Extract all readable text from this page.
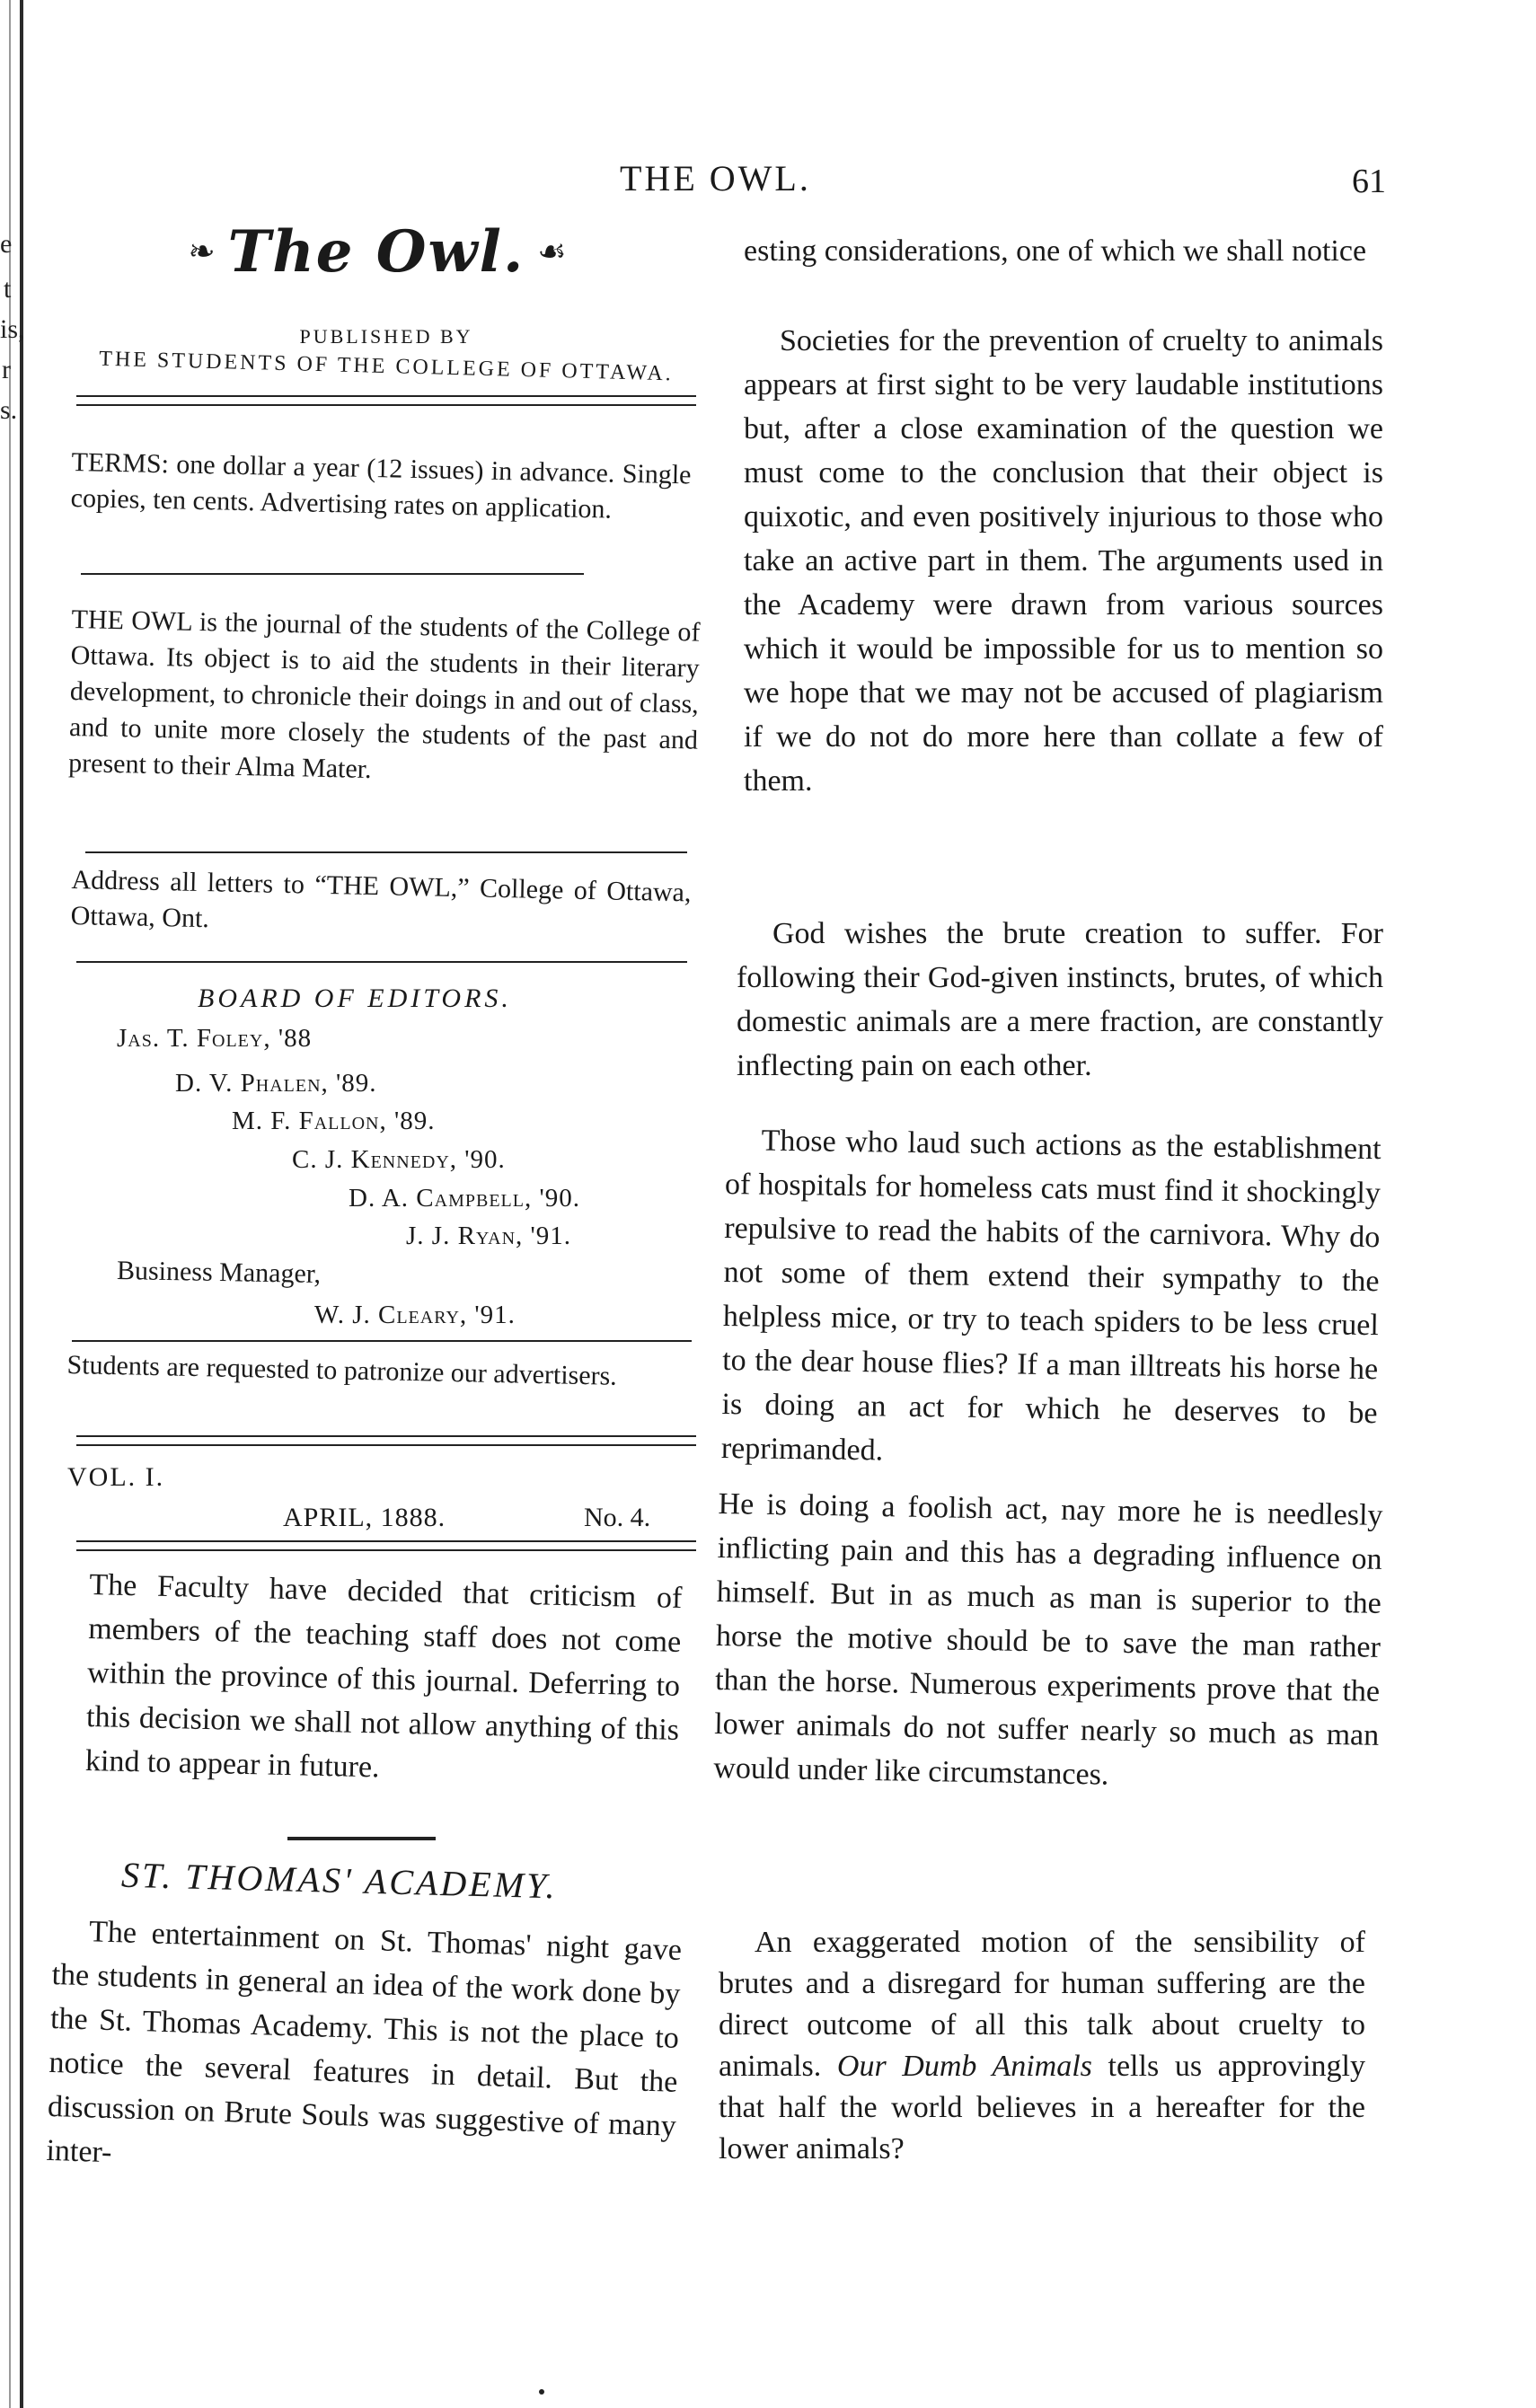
e
t
is,
r
s.
THE OWL.	61
❧ The Owl. ☙
PUBLISHED BY
THE STUDENTS OF THE COLLEGE OF OTTAWA.
TERMS: one dollar a year (12 issues) in advance. Single copies, ten cents. Advertising rates on application.
THE OWL is the journal of the students of the College of Ottawa. Its object is to aid the students in their literary development, to chronicle their doings in and out of class, and to unite more closely the students of the past and present to their Alma Mater.
Address all letters to “THE OWL,” College of Ottawa, Ottawa, Ont.
BOARD OF EDITORS.
Jas. T. Foley, '88
D. V. Phalen, '89.
M. F. Fallon, '89.
C. J. Kennedy, '90.
D. A. Campbell, '90.
J. J. Ryan, '91.
Business Manager,
W. J. Cleary, '91.
Students are requested to patronize our advertisers.
VOL. I.
APRIL, 1888.	No. 4.
The Faculty have decided that criticism of members of the teaching staff does not come within the province of this journal. Deferring to this decision we shall not allow anything of this kind to appear in future.
ST. THOMAS' ACADEMY.
The entertainment on St. Thomas' night gave the students in general an idea of the work done by the St. Thomas Academy. This is not the place to notice the several features in detail. But the discussion on Brute Souls was suggestive of many inter-
esting considerations, one of which we shall notice
Societies for the prevention of cruelty to animals appears at first sight to be very laudable institutions but, after a close examination of the question we must come to the conclusion that their object is quixotic, and even positively injurious to those who take an active part in them. The arguments used in the Academy were drawn from various sources which it would be impossible for us to mention so we hope that we may not be accused of plagiarism if we do not do more here than collate a few of them.
God wishes the brute creation to suffer. For following their God-given instincts, brutes, of which domestic animals are a mere fraction, are constantly inflecting pain on each other.
Those who laud such actions as the establishment of hospitals for homeless cats must find it shockingly repulsive to read the habits of the carnivora. Why do not some of them extend their sympathy to the helpless mice, or try to teach spiders to be less cruel to the dear house flies? If a man illtreats his horse he is doing an act for which he deserves to be reprimanded.
He is doing a foolish act, nay more he is needlesly inflicting pain and this has a degrading influence on himself. But in as much as man is superior to the horse the motive should be to save the man rather than the horse. Numerous experiments prove that the lower animals do not suffer nearly so much as man would under like circumstances.
An exaggerated motion of the sensibility of brutes and a disregard for human suffering are the direct outcome of all this talk about cruelty to animals. Our Dumb Animals tells us approvingly that half the world believes in a hereafter for the lower animals?
